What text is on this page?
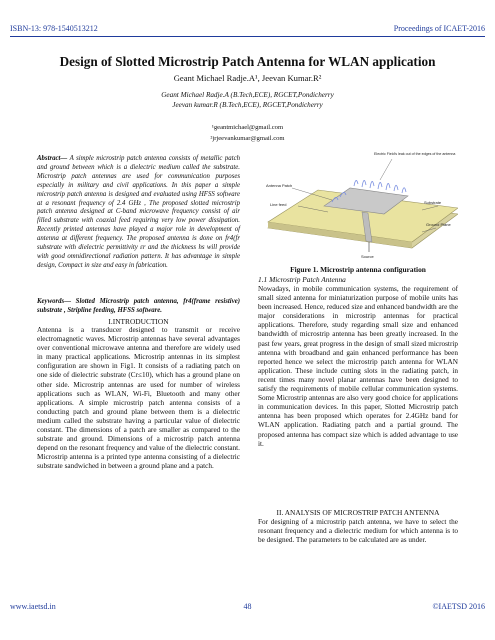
ISBN-13: 978-1540513212	Proceedings of ICAET-2016
Design of Slotted Microstrip Patch Antenna for WLAN application
Geant Michael Radje.A¹, Jeevan Kumar.R²
Geant Michael Radje.A (B.Tech,ECE), RGCET,Pondicherry
Jeevan kumar.R (B.Tech,ECE), RGCET,Pondicherry
¹geantmichael@gmail.com
²jrjeevankumar@gmail.com
Abstract— A simple microstrip patch antenna consists of metallic patch and ground between which is a dielectric medium called the substrate. Microstrip patch antennas are used for communication purposes especially in military and civil applications. In this paper a simple microstrip patch antenna is designed and evaluated using HFSS software at a resonant frequency of 2.4 GHz , The proposed slotted microstrip patch antenna designed at C-band microwave frequency consist of air filled substrate with coaxial feed requiring very low power dissipation. Recently printed antennas have played a major role in development of antenna at different frequency. The proposed antenna is done on fr4(fr substrate with dielectric permittivity εr and the thickness hs will provide with good omnidirectional radiation pattern. It has advantage in simple design, Compact in size and easy in fabrication.
Keywords— Slotted Microstrip patch antenna, fr4(frame resistive) substrate , Stripline feeding, HFSS software.
I.INTRODUCTION
Antenna is a transducer designed to transmit or receive electromagnetic waves. Microstrip antennas have several advantages over conventional microwave antenna and therefore are widely used in many practical applications. Microstrip antennas in its simplest configuration are shown in Fig1. It consists of a radiating patch on one side of dielectric substrate (Cr≤10), which has a ground plane on other side. Microstrip antennas are used for number of wireless applications such as WLAN, Wi-Fi, Bluetooth and many other applications. A simple microstrip patch antenna consists of a conducting patch and ground plane between them is a dielectric medium called the substrate having a particular value of dielectric constant. The dimensions of a patch are smaller as compared to the substrate and ground. Dimensions of a microstrip patch antenna depend on the resonant frequency and value of the dielectric constant. Microstrip antenna is a printed type antenna consisting of a dielectric substrate sandwiched in between a ground plane and a patch.
Electric Field's leak out of the edges of the antenna
Antenna Patch
Line feed	Substrate
Ground Plane
Source
Figure 1. Microstrip antenna configuration
1.1 Microstrip Patch Antenna
Nowadays, in mobile communication systems, the requirement of small sized antenna for miniaturization purpose of mobile units has been increased. Hence, reduced size and enhanced bandwidth are the major considerations in microstrip antennas for practical applications. Therefore, study regarding small size and enhanced bandwidth of microstrip antenna has been greatly increased. In the past few years, great progress in the design of small sized microstrip antenna with broadband and gain enhanced performance has been reported hence we select the microstrip patch antenna for WLAN application. These include cutting slots in the radiating patch, in recent times many novel planar antennas have been designed to satisfy the requirements of mobile cellular communication systems. Some Microstrip antennas are also very good choice for applications in communication devices. In this paper, Slotted Microstrip patch antenna has been proposed which operates for 2.4GHz band for WLAN application. Radiating patch and a partial ground. The proposed antenna has compact size which is added advantage to use it.
II. ANALYSIS OF MICROSTRIP PATCH ANTENNA
For designing of a microstrip patch antenna, we have to select the resonant frequency and a dielectric medium for which antenna is to be designed. The parameters to be calculated are as under.
www.iaetsd.in	48	©IAETSD 2016
